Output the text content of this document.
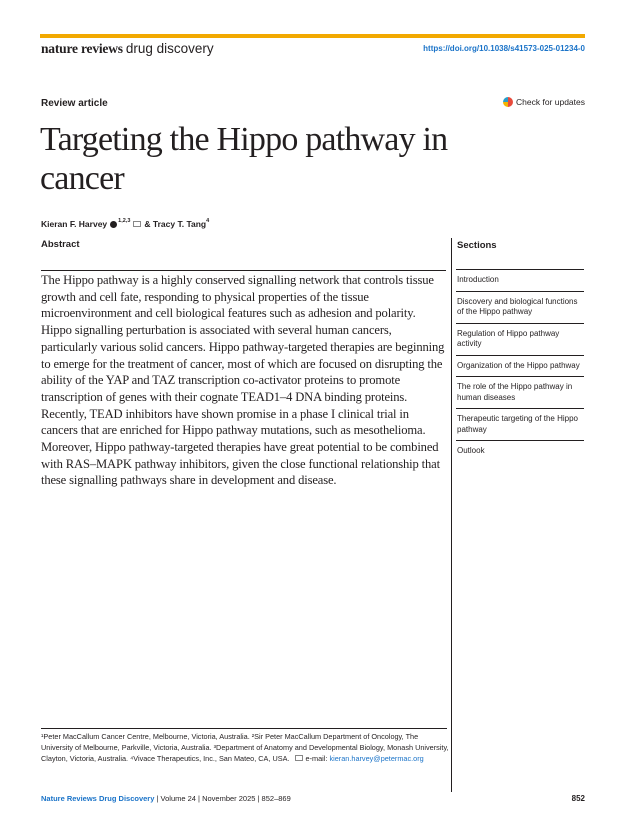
nature reviews drug discovery	https://doi.org/10.1038/s41573-025-01234-0
Review article	Check for updates
Targeting the Hippo pathway in cancer
Kieran F. Harvey $^{1,2,3}$ &
Tracy T. Tang$^4$
Abstract

The Hippo pathway is a highly conserved signalling network that controls tissue growth and cell fate, responding to physical properties of the tissue microenvironment and cell biological features such as adhesion and polarity. Hippo signalling perturbation is associated with several human cancers, particularly various solid cancers. Hippo pathway-targeted therapies are beginning to emerge for the treatment of cancer, most of which are focused on disrupting the ability of the YAP and TAZ transcription co-activator proteins to promote transcription of genes with their cognate TEAD1–4 DNA binding proteins. Recently, TEAD inhibitors have shown promise in a phase I clinical trial in cancers that are enriched for Hippo pathway mutations, such as mesothelioma. Moreover, Hippo pathway-targeted therapies have great potential to be combined with RAS–MAPK pathway inhibitors, given the close functional relationship that these signalling pathways share in development and disease.

Sections
Introduction
Discovery and biological functions of the Hippo pathway
Regulation of Hippo pathway activity
Organization of the Hippo pathway
The role of the Hippo pathway in human diseases
Therapeutic targeting of the Hippo pathway
Outlook

¹Peter MacCallum Cancer Centre, Melbourne, Victoria, Australia. ²Sir Peter MacCallum Department of Oncology, The University of Melbourne, Parkville, Victoria, Australia. ³Department of Anatomy and Developmental Biology, Monash University, Clayton, Victoria, Australia. ⁴Vivace Therapeutics, Inc., San Mateo, CA, USA. e-mail: kieran.harvey@petermac.org

Nature Reviews Drug Discovery | Volume 24 | November 2025 | 852–869	852
